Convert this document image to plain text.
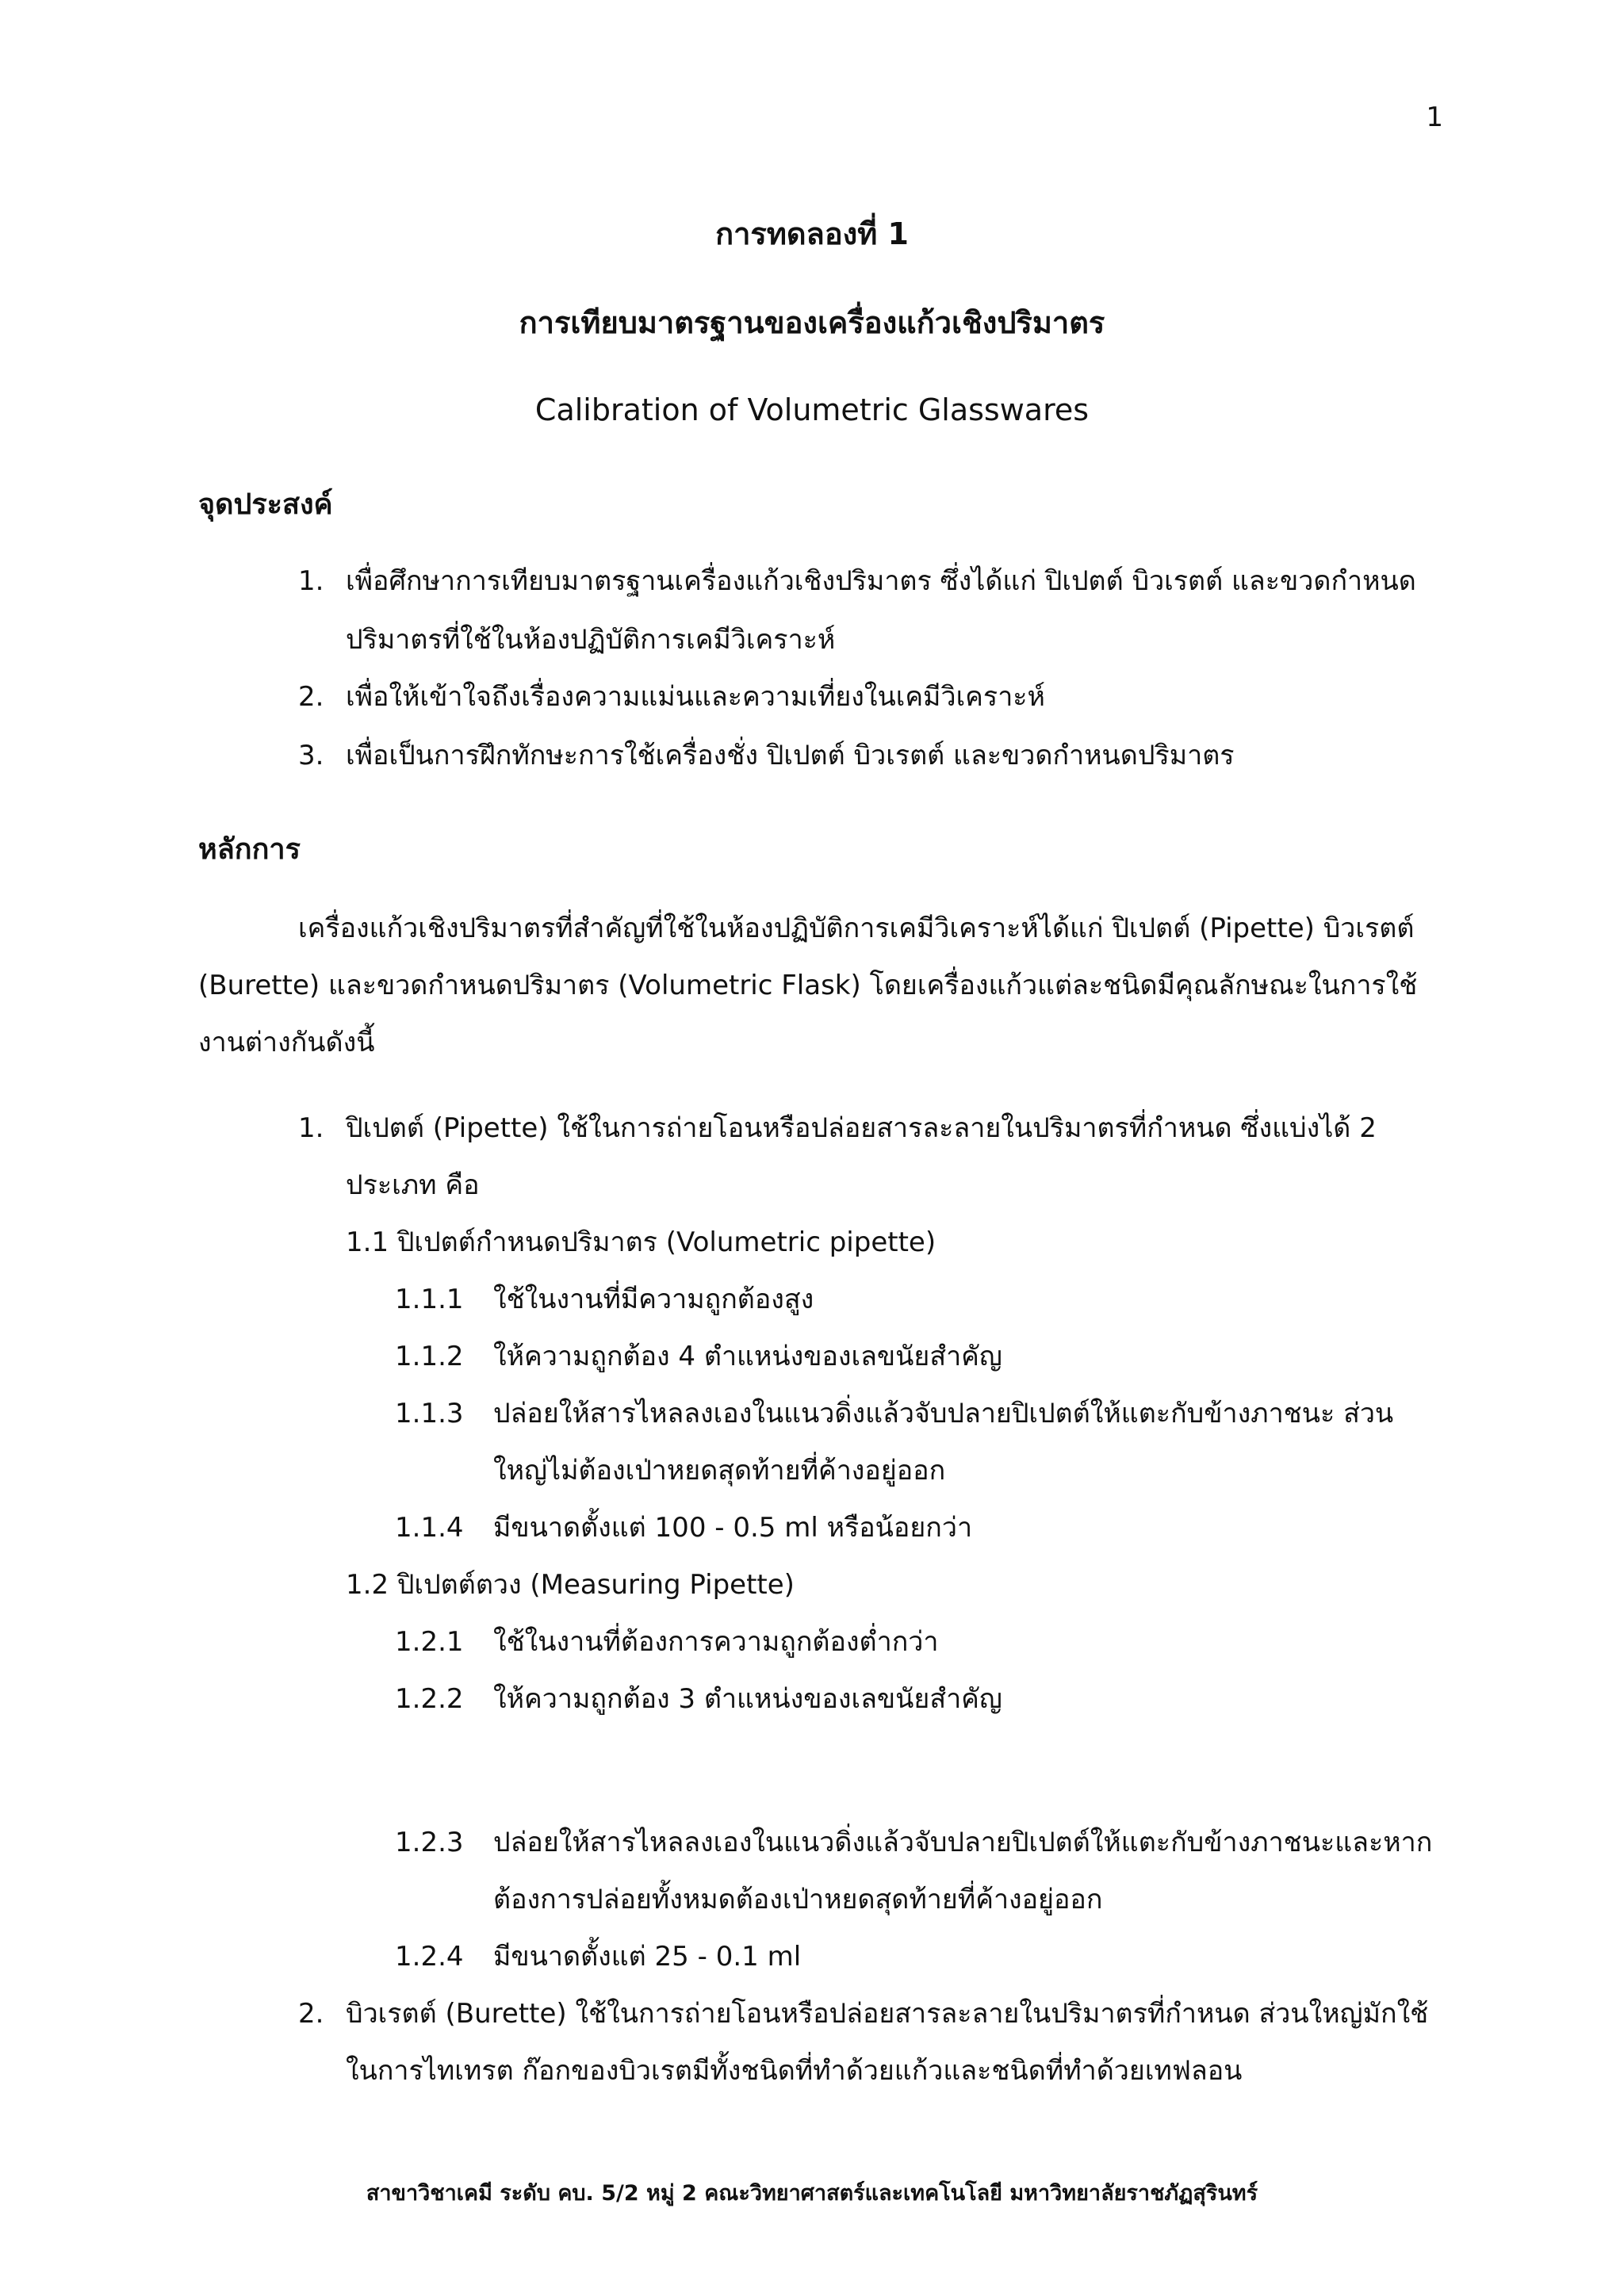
1
การทดลองที่ 1
การเทียบมาตรฐานของเครื่องแก้วเชิงปริมาตร
Calibration of Volumetric Glasswares
จุดประสงค์
1. เพื่อศึกษาการเทียบมาตรฐานเครื่องแก้วเชิงปริมาตร ซึ่งได้แก่ ปิเปตต์ บิวเรตต์ และขวดกำหนด
ปริมาตรที่ใช้ในห้องปฏิบัติการเคมีวิเคราะห์
2. เพื่อให้เข้าใจถึงเรื่องความแม่นและความเที่ยงในเคมีวิเคราะห์
3. เพื่อเป็นการฝึกทักษะการใช้เครื่องชั่ง ปิเปตต์ บิวเรตต์ และขวดกำหนดปริมาตร
หลักการ
เครื่องแก้วเชิงปริมาตรที่สำคัญที่ใช้ในห้องปฏิบัติการเคมีวิเคราะห์ได้แก่ ปิเปตต์ (Pipette) บิวเรตต์
(Burette) และขวดกำหนดปริมาตร (Volumetric Flask) โดยเครื่องแก้วแต่ละชนิดมีคุณลักษณะในการใช้
งานต่างกันดังนี้
1. ปิเปตต์ (Pipette) ใช้ในการถ่ายโอนหรือปล่อยสารละลายในปริมาตรที่กำหนด ซึ่งแบ่งได้ 2
ประเภท คือ
1.1 ปิเปตต์กำหนดปริมาตร (Volumetric pipette)
1.1.1 ใช้ในงานที่มีความถูกต้องสูง
1.1.2 ให้ความถูกต้อง 4 ตำแหน่งของเลขนัยสำคัญ
1.1.3 ปล่อยให้สารไหลลงเองในแนวดิ่งแล้วจับปลายปิเปตต์ให้แตะกับข้างภาชนะ ส่วน
ใหญ่ไม่ต้องเป่าหยดสุดท้ายที่ค้างอยู่ออก
1.1.4 มีขนาดตั้งแต่ 100 - 0.5 ml หรือน้อยกว่า
1.2 ปิเปตต์ตวง (Measuring Pipette)
1.2.1 ใช้ในงานที่ต้องการความถูกต้องต่ำกว่า
1.2.2 ให้ความถูกต้อง 3 ตำแหน่งของเลขนัยสำคัญ
1.2.3 ปล่อยให้สารไหลลงเองในแนวดิ่งแล้วจับปลายปิเปตต์ให้แตะกับข้างภาชนะและหาก
ต้องการปล่อยทั้งหมดต้องเป่าหยดสุดท้ายที่ค้างอยู่ออก
1.2.4 มีขนาดตั้งแต่ 25 - 0.1 ml
2. บิวเรตต์ (Burette) ใช้ในการถ่ายโอนหรือปล่อยสารละลายในปริมาตรที่กำหนด ส่วนใหญ่มักใช้
ในการไทเทรต ก๊อกของบิวเรตมีทั้งชนิดที่ทำด้วยแก้วและชนิดที่ทำด้วยเทฟลอน
สาขาวิชาเคมี ระดับ คบ. 5/2 หมู่ 2 คณะวิทยาศาสตร์และเทคโนโลยี มหาวิทยาลัยราชภัฏสุรินทร์
